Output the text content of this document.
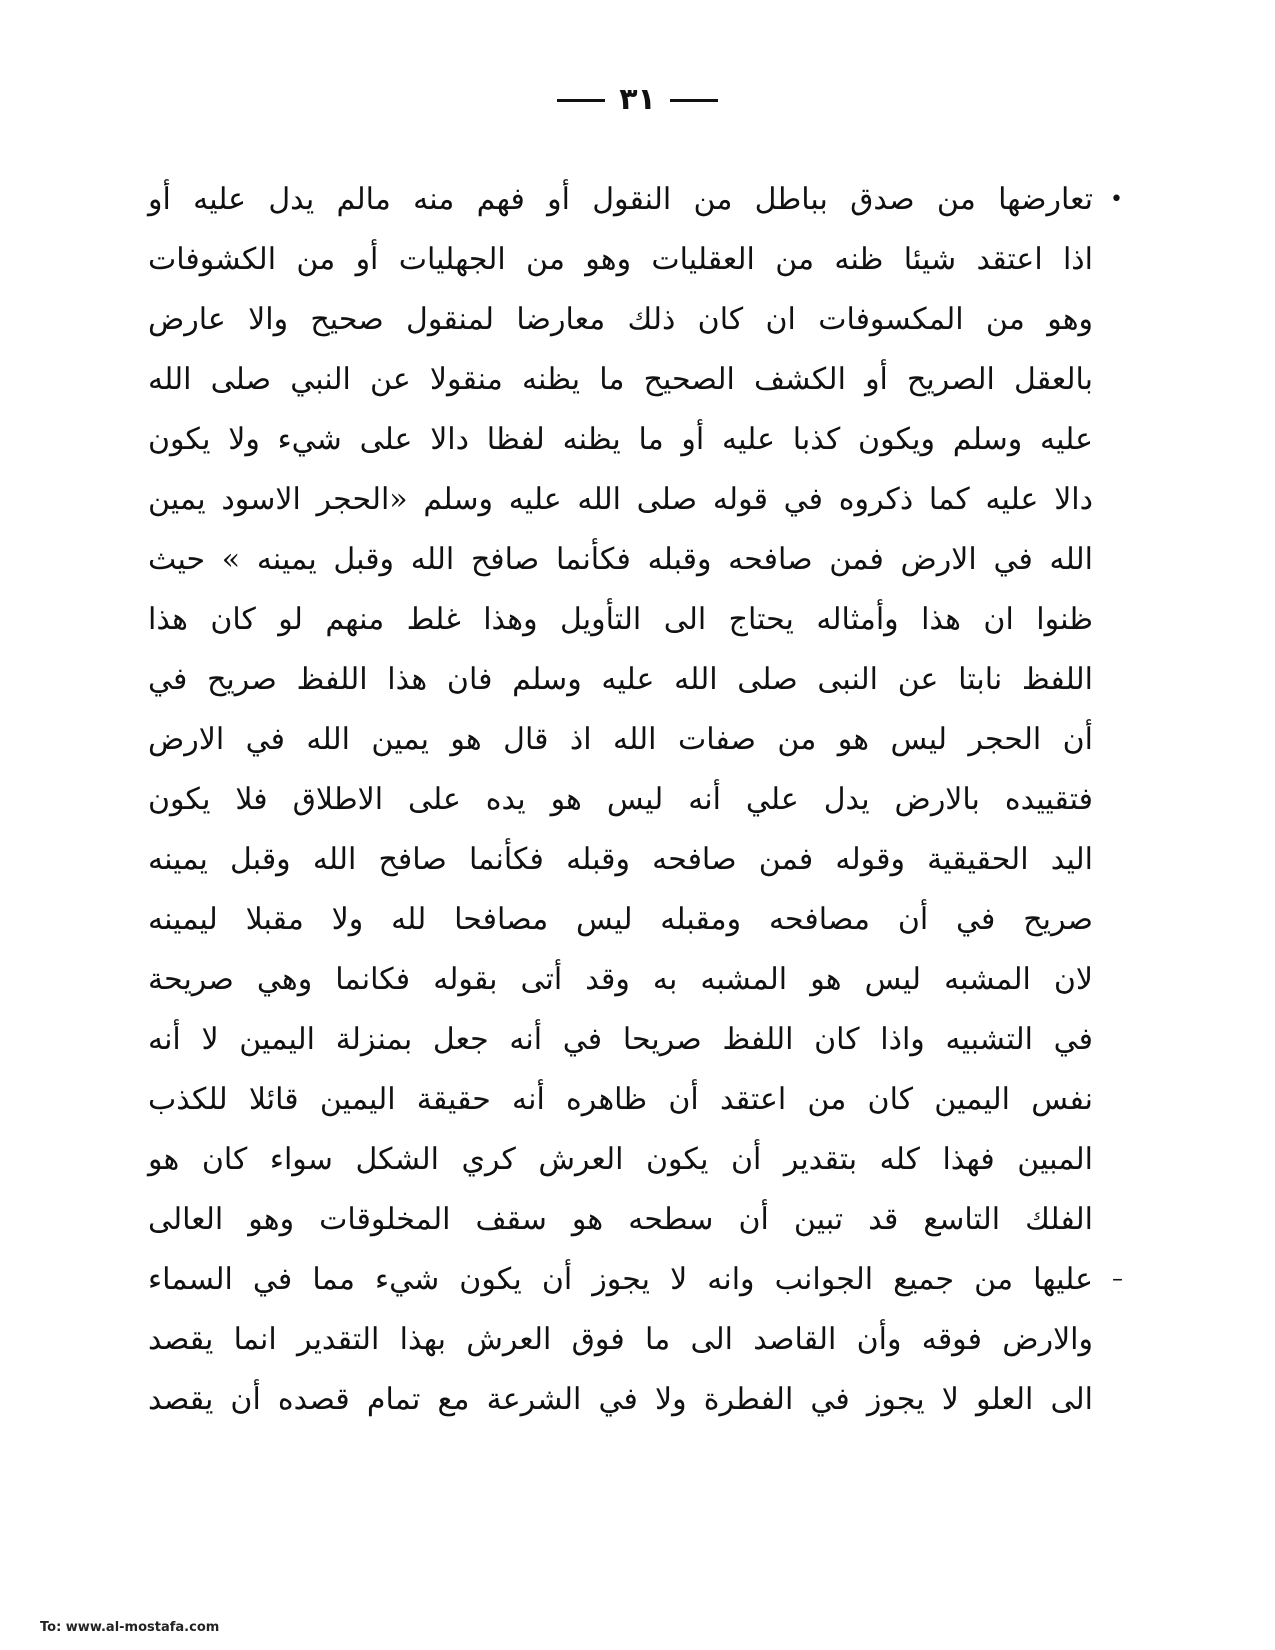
٣١
•
تعارضها من صدق بباطل من النقول أو فهم منه مالم يدل عليه أو
اذا اعتقد شيئا ظنه من العقليات وهو من الجهليات أو من الكشوفات
وهو من المكسوفات ان كان ذلك معارضا لمنقول صحيح والا عارض
بالعقل الصريح أو الكشف الصحيح ما يظنه منقولا عن النبي صلى الله
عليه وسلم ويكون كذبا عليه أو ما يظنه لفظا دالا على شيء ولا يكون
دالا عليه كما ذكروه في قوله صلى الله عليه وسلم «الحجر الاسود يمين
الله في الارض فمن صافحه وقبله فكأنما صافح الله وقبل يمينه » حيث
ظنوا ان هذا وأمثاله يحتاج الى التأويل وهذا غلط منهم لو كان هذا
اللفظ نابتا عن النبى صلى الله عليه وسلم فان هذا اللفظ صريح في
أن الحجر ليس هو من صفات الله اذ قال هو يمين الله في الارض
فتقييده بالارض يدل علي أنه ليس هو يده على الاطلاق فلا يكون
اليد الحقيقية وقوله فمن صافحه وقبله فكأنما صافح الله وقبل يمينه
صريح في أن مصافحه ومقبله ليس مصافحا لله ولا مقبلا ليمينه
لان المشبه ليس هو المشبه به وقد أتى بقوله فكانما وهي صريحة
في التشبيه واذا كان اللفظ صريحا في أنه جعل بمنزلة اليمين لا أنه
نفس اليمين كان من اعتقد أن ظاهره أنه حقيقة اليمين قائلا للكذب
المبين فهذا كله بتقدير أن يكون العرش كري الشكل سواء كان هو
الفلك التاسع قد تبين أن سطحه هو سقف المخلوقات وهو العالى
–
عليها من جميع الجوانب وانه لا يجوز أن يكون شيء مما في السماء
والارض فوقه وأن القاصد الى ما فوق العرش بهذا التقدير انما يقصد
الى العلو لا يجوز في الفطرة ولا في الشرعة مع تمام قصده أن يقصد
To: www.al-mostafa.com
